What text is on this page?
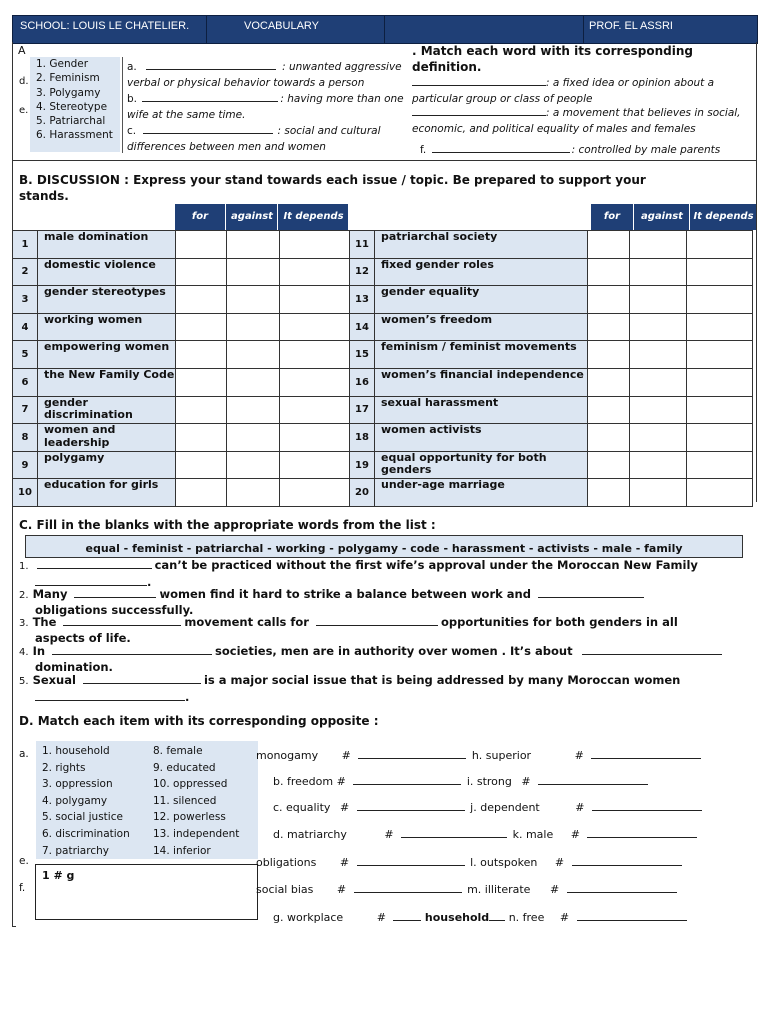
SCHOOL: LOUIS LE CHATELIER.	VOCABULARY	PROF. EL ASSRI
A
d.
e.
1. Gender
2. Feminism
3. Polygamy
4. Stereotype
5. Patriarchal
6. Harassment
a.	: unwanted aggressive
verbal or physical behavior towards a person
b.	: having more than one
wife at the same time.
c.	: social and cultural
differences between men and women
. Match each word with its corresponding definition.
: a fixed idea or opinion about a
particular group or class of people
: a movement that believes in social,
economic, and political equality of males and females
f.	: controlled by male parents
B. DISCUSSION : Express your stand towards each issue / topic. Be prepared to support your
stands.
for	against	It depends	for	against	It depends
1	male domination			
2	domestic violence			
3	gender stereotypes			
4	working women			
5	empowering women			
6	the New Family Code			
7	gender discrimination			
8	women and leadership			
9	polygamy			
10	education for girls			
11	patriarchal society			
12	fixed gender roles			
13	gender equality			
14	women’s freedom			
15	feminism / feminist movements			
16	women’s financial independence			
17	sexual harassment			
18	women activists			
19	equal opportunity for both genders			
20	under-age marriage			
C. Fill in the blanks with the appropriate words from the list :
equal - feminist - patriarchal - working - polygamy - code - harassment - activists - male - family
1.	can’t be practiced without the first wife’s approval under the Moroccan New Family
.
2. Many	women find it hard to strike a balance between work and
obligations successfully.
3. The	movement calls for	opportunities for both genders in all
aspects of life.
4. In	societies, men are in authority over women . It’s about
domination.
5. Sexual	is a major social issue that is being addressed by many Moroccan women
.
D. Match each item with its corresponding opposite :
a.
e.
f.
1. household
2. rights
3. oppression
4. polygamy
5. social justice
6. discrimination
7. patriarchy
8. female
9. educated
10. oppressed
11. silenced
12. powerless
13. independent
14. inferior
1 # g
monogamy #	h. superior	#
b. freedom #	i. strong #
c. equality #	j. dependent	#
d. matriarchy	#	k. male #
obligations #	l. outspoken #
social bias #	m. illiterate #
g. workplace	#	household n. free #
